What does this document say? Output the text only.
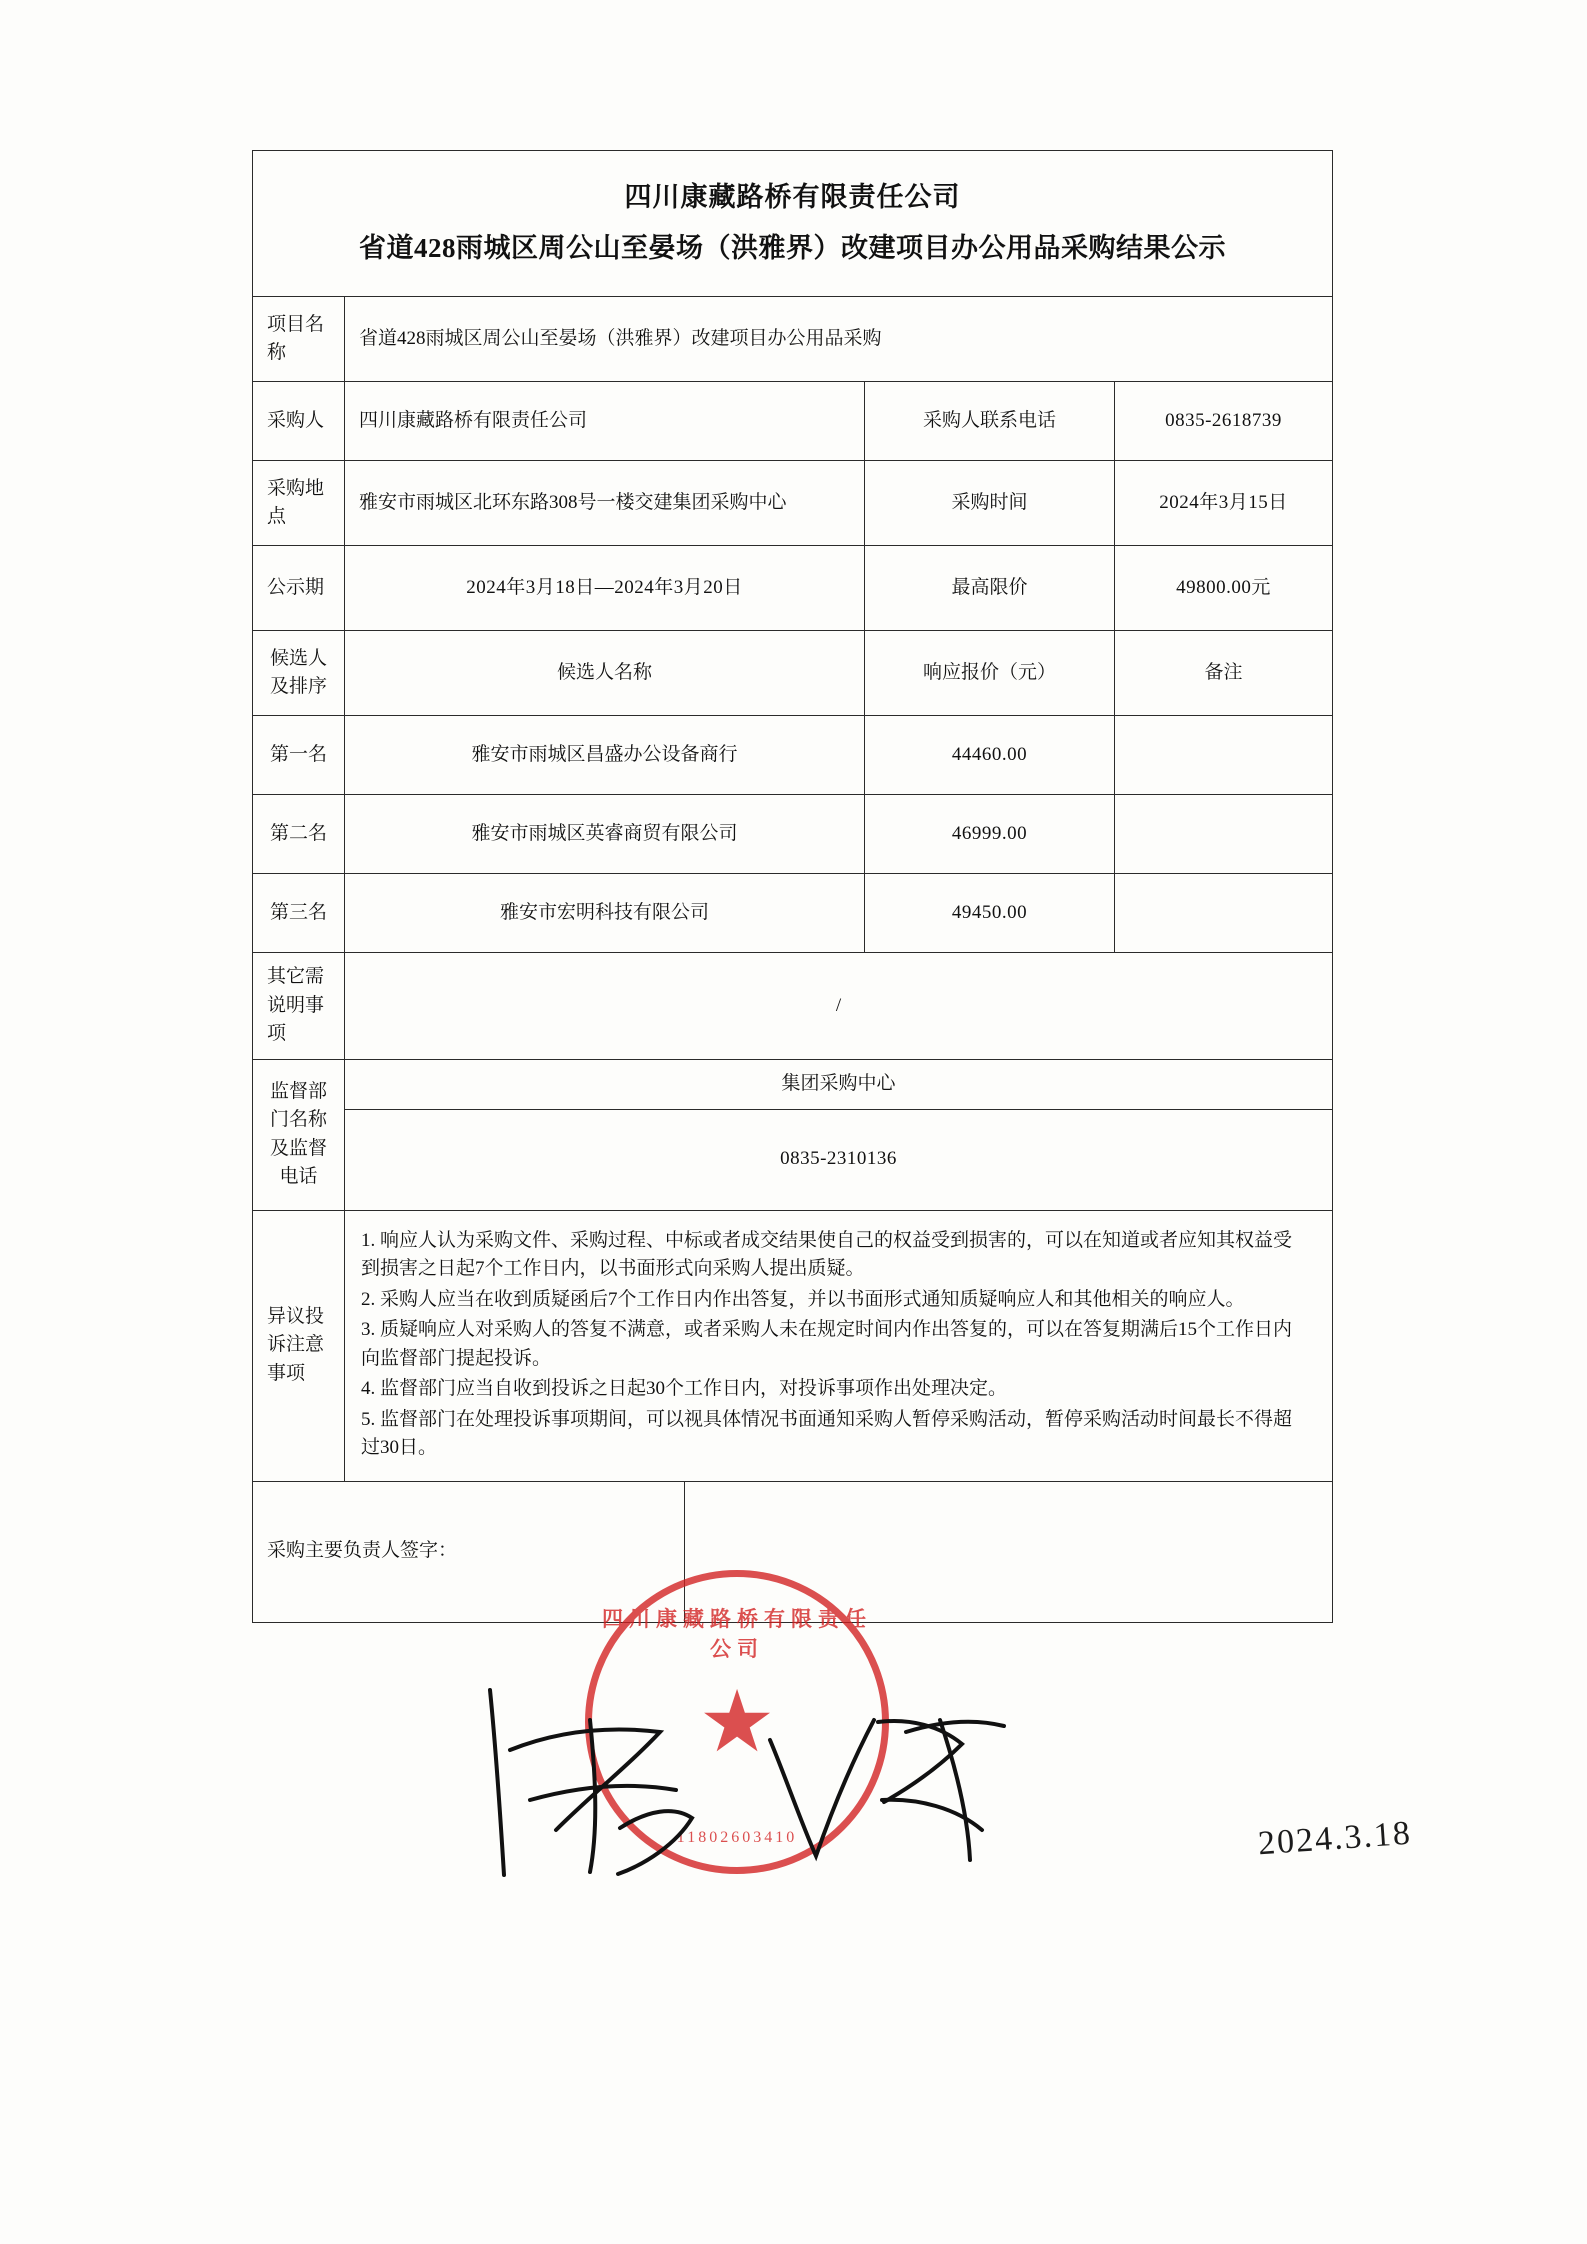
四川康藏路桥有限责任公司
省道428雨城区周公山至晏场（洪雅界）改建项目办公用品采购结果公示				

项目名称	省道428雨城区周公山至晏场（洪雅界）改建项目办公用品采购			
采购人	四川康藏路桥有限责任公司		采购人联系电话	0835-2618739
采购地点	雅安市雨城区北环东路308号一楼交建集团采购中心		采购时间	2024年3月15日
公示期	2024年3月18日—2024年3月20日		最高限价	49800.00元
候选人及排序	候选人名称		响应报价（元）	备注
第一名	雅安市雨城区昌盛办公设备商行		44460.00	
第二名	雅安市雨城区英睿商贸有限公司		46999.00	
第三名	雅安市宏明科技有限公司		49450.00	
其它需说明事项	/			
监督部门名称及监督电话	集团采购中心			
	0835-2310136			
异议投诉注意事项	1. 响应人认为采购文件、采购过程、中标或者成交结果使自己的权益受到损害的，可以在知道或者应知其权益受到损害之日起7个工作日内，以书面形式向采购人提出质疑。

2. 采购人应当在收到质疑函后7个工作日内作出答复，并以书面形式通知质疑响应人和其他相关的响应人。

3. 质疑响应人对采购人的答复不满意，或者采购人未在规定时间内作出答复的，可以在答复期满后15个工作日内向监督部门提起投诉。

4. 监督部门应当自收到投诉之日起30个工作日内，对投诉事项作出处理决定。

5. 监督部门在处理投诉事项期间，可以视具体情况书面通知采购人暂停采购活动，暂停采购活动时间最长不得超过30日。			

采购主要负责人签字：				
四川康藏路桥有限责任公司
★
11802603410	2024.3.18
